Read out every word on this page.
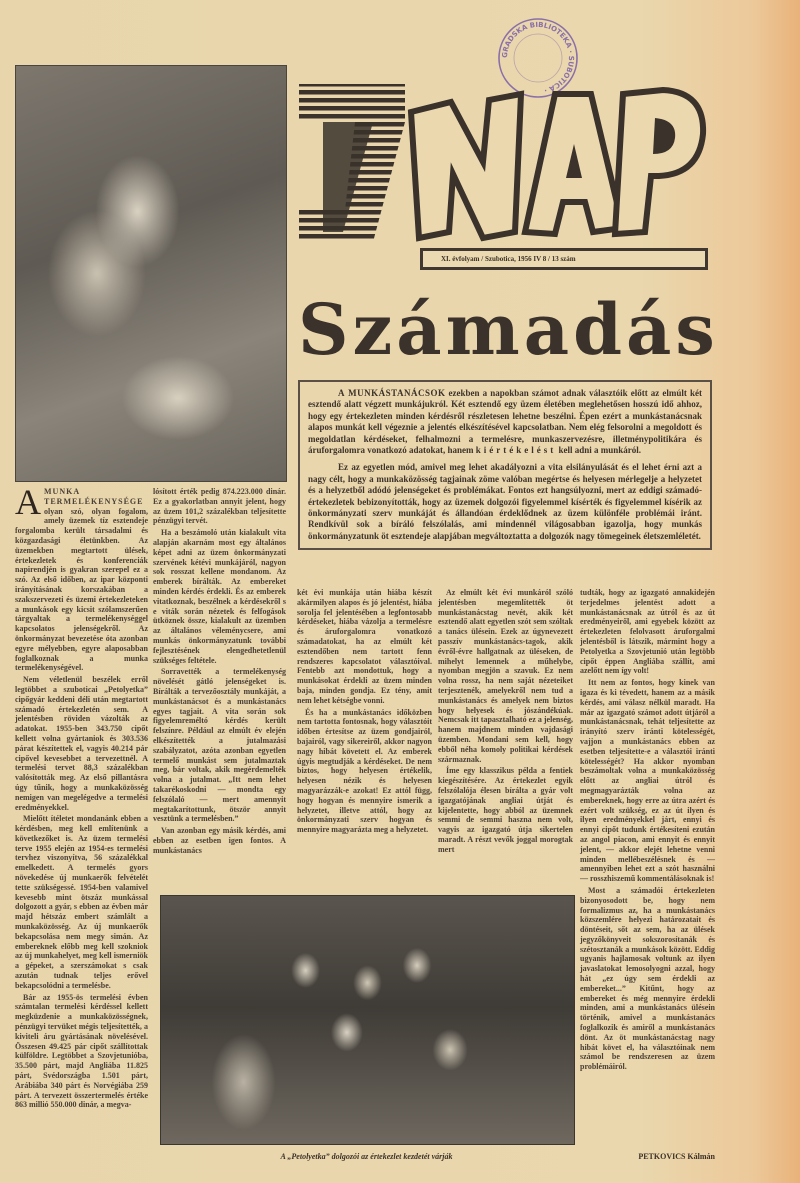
GRADSKA BIBLIOTEKA · SUBOTICA ·
XI. évfolyam / Szubotica, 1956 IV 8 / 13 szám
Számadás

A MUNKÁSTANÁCSOK ezekben a napokban számot adnak választóik előtt az elmúlt két esztendő alatt végzett munkájukról. Két esztendő egy üzem életében meglehetősen hosszú idő ahhoz, hogy egy értekezleten minden kérdésről részletesen lehetne beszélni. Épen ezért a munkástanácsnak alapos munkát kell végeznie a jelentés elkészítésével kapcsolatban. Nem elég felsorolni a megoldott és megoldatlan kérdéseket, felhalmozni a termelésre, munkaszervezésre, illetménypolitikára és áruforgalomra vonatkozó adatokat, hanem kiértékelést kell adni a munkáról.

Ez az egyetlen mód, amivel meg lehet akadályozni a vita elsilányulását és el lehet érni azt a nagy célt, hogy a munkaközösség tagjainak zöme valóban megértse és helyesen mérlegelje a helyzetet és a helyzetből adódó jelenségeket és problémákat. Fontos ezt hangsúlyozni, mert az eddigi számadó-értekezletek bebizonyították, hogy az üzemek dolgozói figyelemmel kísérték és figyelemmel kísérik az önkormányzati szerv munkáját és állandóan érdeklődnek az üzem különféle problémái iránt. Rendkívül sok a bíráló felszólalás, ami mindennél világosabban igazolja, hogy munkás önkormányzatunk öt esztendeje alapjában megváltoztatta a dolgozók nagy tömegeinek életszemléletét.

AMUNKA TERMELÉKENYSÉGE olyan szó, olyan fogalom, amely üzemek tíz esztendeje forgalomba került társadalmi és közgazdasági életünkben. Az üzemekben megtartott ülések, értekezletek és konferenciák napirendjén is gyakran szerepel ez a szó. Az első időben, az ipar központi irányításának korszakában a szakszervezeti és üzemi értekezleteken a munkások egy kicsit szólamszerűen tárgyaltak a termelékenységgel kapcsolatos jelenségekről. Az önkormányzat bevezetése óta azonban egyre mélyebben, egyre alaposabban foglalkoznak a munka termelékenységével.

Nem véletlenül beszélek erről legtöbbet a szuboticai „Petolyetka” cipőgyár keddeni déli után megtartott számadó értekezletén sem. A jelentésben röviden vázolták az adatokat. 1955-ben 343.750 cipőt kellett volna gyártaniok és 303.536 párat készítettek el, vagyis 40.214 pár cipővel kevesebbet a tervezettnél. A termelési tervet 88,3 százalékban valósították meg. Az első pillantásra úgy tűnik, hogy a munkaközösség nemigen van megelégedve a termelési eredményekkel.

Mielőtt ítéletet mondanánk ebben a kérdésben, meg kell említenünk a következőket is. Az üzem termelési terve 1955 elején az 1954-es termelési tervhez viszonyítva, 56 százalékkal emelkedett. A termelés gyors növekedése új munkaerők felvételét tette szükségessé. 1954-ben valamivel kevesebb mint ötszáz munkással dolgozott a gyár, s ebben az évben már majd hétszáz embert számlált a munkaközösség. Az új munkaerők bekapcsolása nem megy simán. Az embereknek előbb meg kell szokniok az új munkahelyet, meg kell ismerniök a gépeket, a szerszámokat s csak azután tudnak teljes erővel bekapcsolódni a termelésbe.

Bár az 1955-ös termelési évben számtalan termelési kérdéssel kellett megküzdenie a munkaközösségnek, pénzügyi tervüket mégis teljesítették, a kiviteli áru gyártásának növelésével. Összesen 49.425 pár cipőt szállítottak külföldre. Legtöbbet a Szovjetunióba, 35.500 párt, majd Angliába 11.825 párt, Svédországba 1.501 párt, Arábiába 340 párt és Norvégiába 259 párt. A tervezett összertermelés értéke 863 millió 550.000 dinár, a megva-

lósított érték pedig 874.223.000 dinár. Ez a gyakorlatban annyit jelent, hogy az üzem 101,2 százalékban teljesítette pénzügyi tervét.

Ha a beszámoló után kialakult vita alapján akarnám most egy általános képet adni az üzem önkormányzati szervének kétévi munkájáról, nagyon sok rosszat kellene mondanom. Az emberek bírálták. Az embereket minden kérdés érdekli. És az emberek vitatkoznak, beszélnek a kérdésekről s e viták során nézetek és felfogások ütköznek össze, kialakult az üzemben az általános véleménycsere, ami munkás önkormányzatunk további fejlesztésének elengedhetetlenül szükséges feltétele.

Sorravették a termelékenység növelését gátló jelenségeket is. Bírálták a tervezőosztály munkáját, a munkástanácsot és a munkástanács egyes tagjait. A vita során sok figyelemreméltó kérdés került felszínre. Például az elmúlt év elején elkészítették a jutalmazási szabályzatot, azóta azonban egyetlen termelő munkást sem jutalmaztak meg, bár voltak, akik megérdemelték volna a jutalmat. „Itt nem lehet takarékoskodni — mondta egy felszólaló — mert amennyit megtakarítottunk, ötször annyit vesztünk a termelésben.”

Van azonban egy másik kérdés, ami ebben az esetben igen fontos. A munkástanács

két évi munkája után hiába készít akármilyen alapos és jó jelentést, hiába sorolja fel jelentésében a legfontosabb kérdéseket, hiába vázolja a termelésre és áruforgalomra vonatkozó számadatokat, ha az elmúlt két esztendőben nem tartott fenn rendszeres kapcsolatot választóival. Fentebb azt mondottuk, hogy a munkásokat érdekli az üzem minden baja, minden gondja. Ez tény, amit nem lehet kétségbe vonni.

És ha a munkástanács időközben nem tartotta fontosnak, hogy választóit időben értesítse az üzem gondjairól, bajairól, vagy sikereiről, akkor nagyon nagy hibát követett el. Az emberek úgyis megtudják a kérdéseket. De nem biztos, hogy helyesen értékelik, helyesen nézik és helyesen magyarázzák-e azokat! Ez attól függ, hogy hogyan és mennyire ismerik a helyzetet, illetve attól, hogy az önkormányzati szerv hogyan és mennyire magyarázta meg a helyzetet.

Az elmúlt két évi munkáról szóló jelentésben megemlítették öt munkástanácstag nevét, akik két esztendő alatt egyetlen szót sem szóltak a tanács ülésein. Ezek az úgynevezett passzív munkástanács-tagok, akik évről-évre hallgatnak az üléseken, de mihelyt lemennek a műhelybe, nyomban megjön a szavuk. Ez nem volna rossz, ha nem saját nézeteiket terjesztenék, amelyekről nem tud a munkástanács és amelyek nem biztos hogy helyesek és jószándékúak. Nemcsak itt tapasztalható ez a jelenség, hanem majdnem minden vajdasági üzemben. Mondani sem kell, hogy ebből néha komoly politikai kérdések származnak.

Íme egy klasszikus példa a fentiek kiegészítésére. Az értekezlet egyik felszólalója élesen bírálta a gyár volt igazgatójának angliai útját és kijelentette, hogy abból az üzemnek semmi de semmi haszna nem volt, vagyis az igazgató útja sikertelen maradt. A részt vevők joggal morogtak mert

tudták, hogy az igazgató annakidején terjedelmes jelentést adott a munkástanácsnak az útról és az út eredményeiről, ami egyebek között az értekezleten felolvasott áruforgalmi jelentésből is látszik, mármint hogy a Petolyetka a Szovjetunió után legtöbb cipőt éppen Angliába szállít, ami azelőtt nem így volt!

Itt nem az fontos, hogy kinek van igaza és ki tévedett, hanem az a másik kérdés, ami válasz nélkül maradt. Ha már az igazgató számot adott útjáról a munkástanácsnak, tehát teljesítette az irányító szerv iránti kötelességét, vajjon a munkástanács ebben az esetben teljesítette-e a választói iránti kötelességét? Ha akkor nyomban beszámoltak volna a munkaközösség előtt az angliai útról és megmagyarázták volna az embereknek, hogy erre az útra azért és ezért volt szükség, ez az út ilyen és ilyen eredményekkel járt, ennyi és ennyi cipőt tudunk értékesíteni ezután az angol piacon, ami ennyit és ennyit jelent, — akkor elejét lehetne venni minden mellébeszélésnek és — amennyiben lehet ezt a szót használni — rosszhiszemű kommentálásoknak is!

Most a számadói értekezleten bizonyosodott be, hogy nem formalizmus az, ha a munkástanács közszemlére helyezi határozatait és döntéseit, sőt az sem, ha az ülések jegyzőkönyveit sokszorosítanák és szétosztanák a munkások között. Eddig ugyanis hajlamosak voltunk az ilyen javaslatokat lemosolyogni azzal, hogy hát „ez úgy sem érdekli az embereket...” Kitűnt, hogy az embereket és még mennyire érdekli minden, ami a munkástanács ülésein történik, amivel a munkástanács foglalkozik és amiről a munkástanács dönt. Az öt munkástanácstag nagy hibát követ el, ha választóinak nem számol be rendszeresen az üzem problémáiról.

A „Petolyetka” dolgozói az értekezlet kezdetét várják	PETKOVICS Kálmán
